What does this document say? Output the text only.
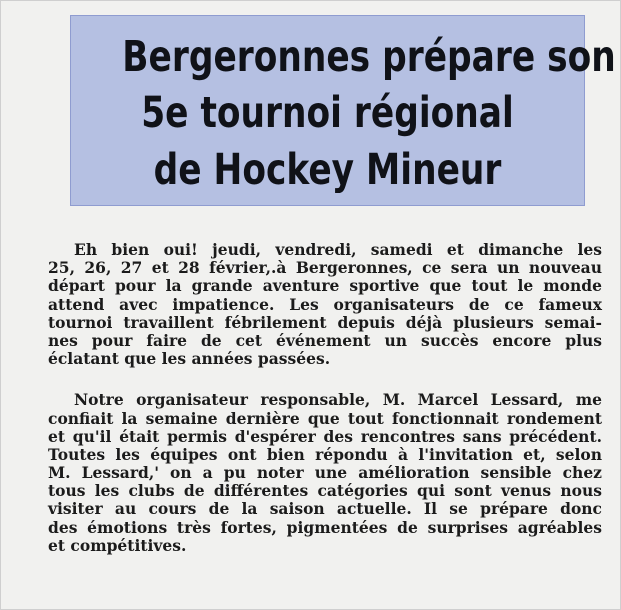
Bergeronnes prépare son
5e tournoi régional
de Hockey Mineur
Eh bien oui! jeudi, vendredi, samedi et dimanche les
25, 26, 27 et 28 février,.à Bergeronnes, ce sera un nouveau
départ pour la grande aventure sportive que tout le monde
attend avec impatience. Les organisateurs de ce fameux
tournoi travaillent fébrilement depuis déjà plusieurs semai-
nes pour faire de cet événement un succès encore plus
éclatant que les années passées.
Notre organisateur responsable, M. Marcel Lessard, me
confiait la semaine dernière que tout fonctionnait rondement
et qu'il était permis d'espérer des rencontres sans précédent.
Toutes les équipes ont bien répondu à l'invitation et, selon
M. Lessard,' on a pu noter une amélioration sensible chez
tous les clubs de différentes catégories qui sont venus nous
visiter au cours de la saison actuelle. Il se prépare donc
des émotions très fortes, pigmentées de surprises agréables
et compétitives.
